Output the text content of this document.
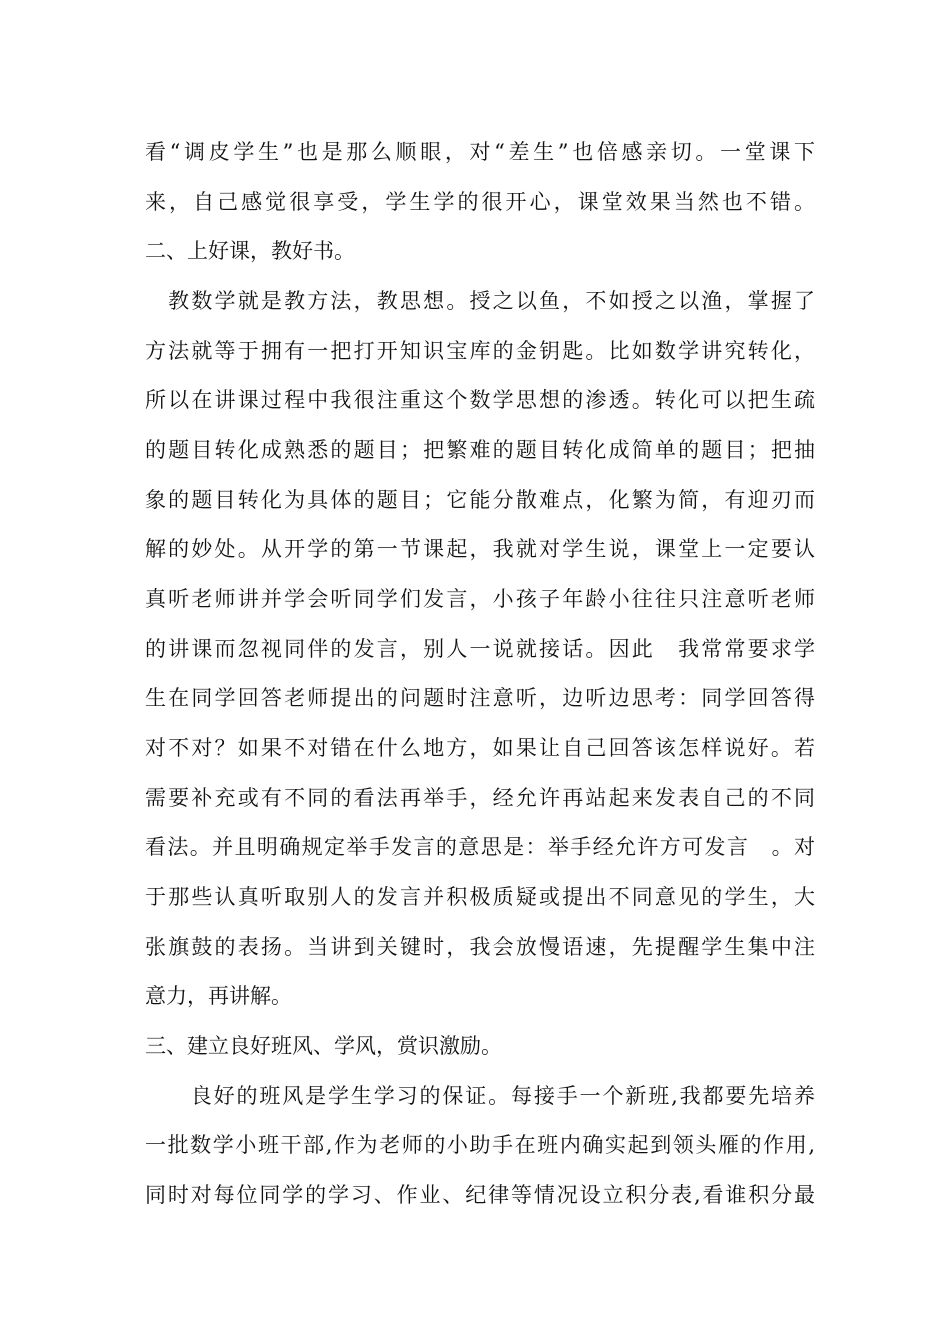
看“调皮学生”也是那么顺眼，对“差生”也倍感亲切。一堂课下
来，自己感觉很享受，学生学的很开心，课堂效果当然也不错。
二、上好课，教好书。
　教数学就是教方法，教思想。授之以鱼，不如授之以渔，掌握了
方法就等于拥有一把打开知识宝库的金钥匙。比如数学讲究转化，
所以在讲课过程中我很注重这个数学思想的渗透。转化可以把生疏
的题目转化成熟悉的题目；把繁难的题目转化成简单的题目；把抽
象的题目转化为具体的题目；它能分散难点，化繁为简，有迎刃而
解的妙处。从开学的第一节课起，我就对学生说，课堂上一定要认
真听老师讲并学会听同学们发言，小孩子年龄小往往只注意听老师
的讲课而忽视同伴的发言，别人一说就接话。因此　我常常要求学
生在同学回答老师提出的问题时注意听，边听边思考：同学回答得
对不对？如果不对错在什么地方，如果让自己回答该怎样说好。若
需要补充或有不同的看法再举手，经允许再站起来发表自己的不同
看法。并且明确规定举手发言的意思是：举手经允许方可发言　。对
于那些认真听取别人的发言并积极质疑或提出不同意见的学生，大
张旗鼓的表扬。当讲到关键时，我会放慢语速，先提醒学生集中注
意力，再讲解。
三、建立良好班风、学风，赏识激励。
　　良好的班风是学生学习的保证。每接手一个新班,我都要先培养
一批数学小班干部,作为老师的小助手在班内确实起到领头雁的作用,
同时对每位同学的学习、作业、纪律等情况设立积分表,看谁积分最
